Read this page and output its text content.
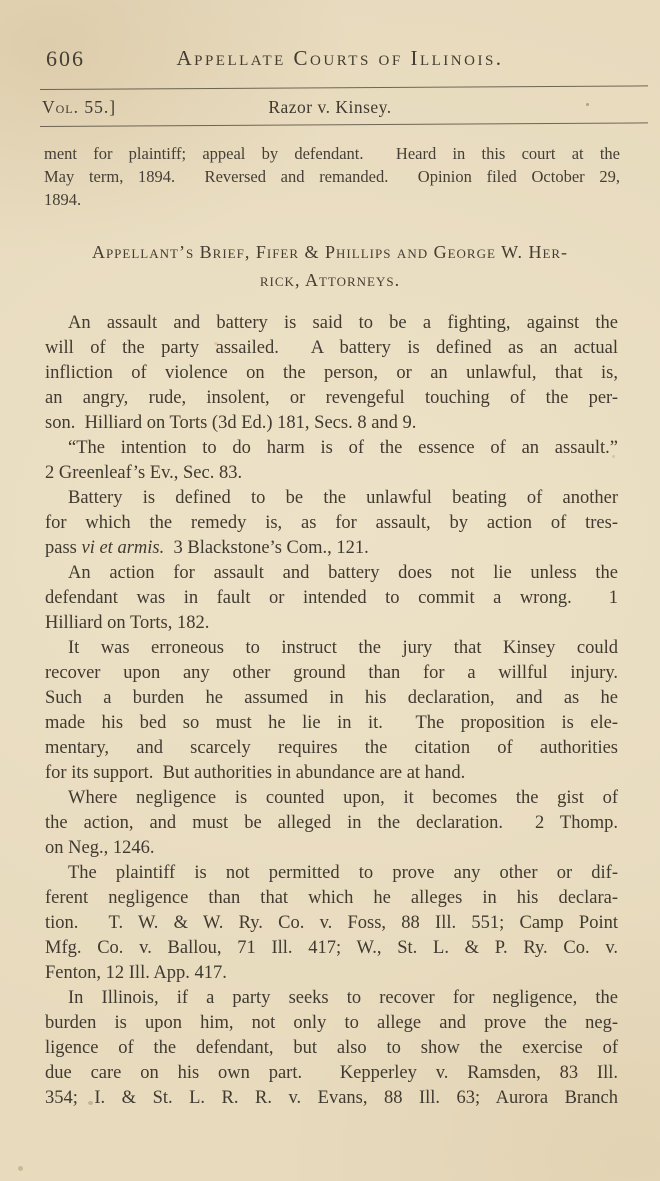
606	Appellate Courts of Illinois.
Vol. 55.]	Razor v. Kinsey.
ment for plaintiff; appeal by defendant.  Heard in this court at the
May term, 1894.  Reversed and remanded.  Opinion filed October 29,
1894.
Appellant’s Brief, Fifer & Phillips and George W. Her-
rick, Attorneys.
An assault and battery is said to be a fighting, against the
will of the party assailed.  A battery is defined as an actual
infliction of violence on the person, or an unlawful, that is,
an angry, rude, insolent, or revengeful touching of the per-
son.  Hilliard on Torts (3d Ed.) 181, Secs. 8 and 9.
“The intention to do harm is of the essence of an assault.”
2 Greenleaf’s Ev., Sec. 83.
Battery is defined to be the unlawful beating of another
for which the remedy is, as for assault, by action of tres-
pass vi et armis.  3 Blackstone’s Com., 121.
An action for assault and battery does not lie unless the
defendant was in fault or intended to commit a wrong.  1
Hilliard on Torts, 182.
It was erroneous to instruct the jury that Kinsey could
recover upon any other ground than for a willful injury.
Such a burden he assumed in his declaration, and as he
made his bed so must he lie in it.  The proposition is ele-
mentary, and scarcely requires the citation of authorities
for its support.  But authorities in abundance are at hand.
Where negligence is counted upon, it becomes the gist of
the action, and must be alleged in the declaration.  2 Thomp.
on Neg., 1246.
The plaintiff is not permitted to prove any other or dif-
ferent negligence than that which he alleges in his declara-
tion.  T. W. & W. Ry. Co. v. Foss, 88 Ill. 551; Camp Point
Mfg. Co. v. Ballou, 71 Ill. 417; W., St. L. & P. Ry. Co. v.
Fenton, 12 Ill. App. 417.
In Illinois, if a party seeks to recover for negligence, the
burden is upon him, not only to allege and prove the neg-
ligence of the defendant, but also to show the exercise of
due care on his own part.  Kepperley v. Ramsden, 83 Ill.
354; I. & St. L. R. R. v. Evans, 88 Ill. 63; Aurora Branch
